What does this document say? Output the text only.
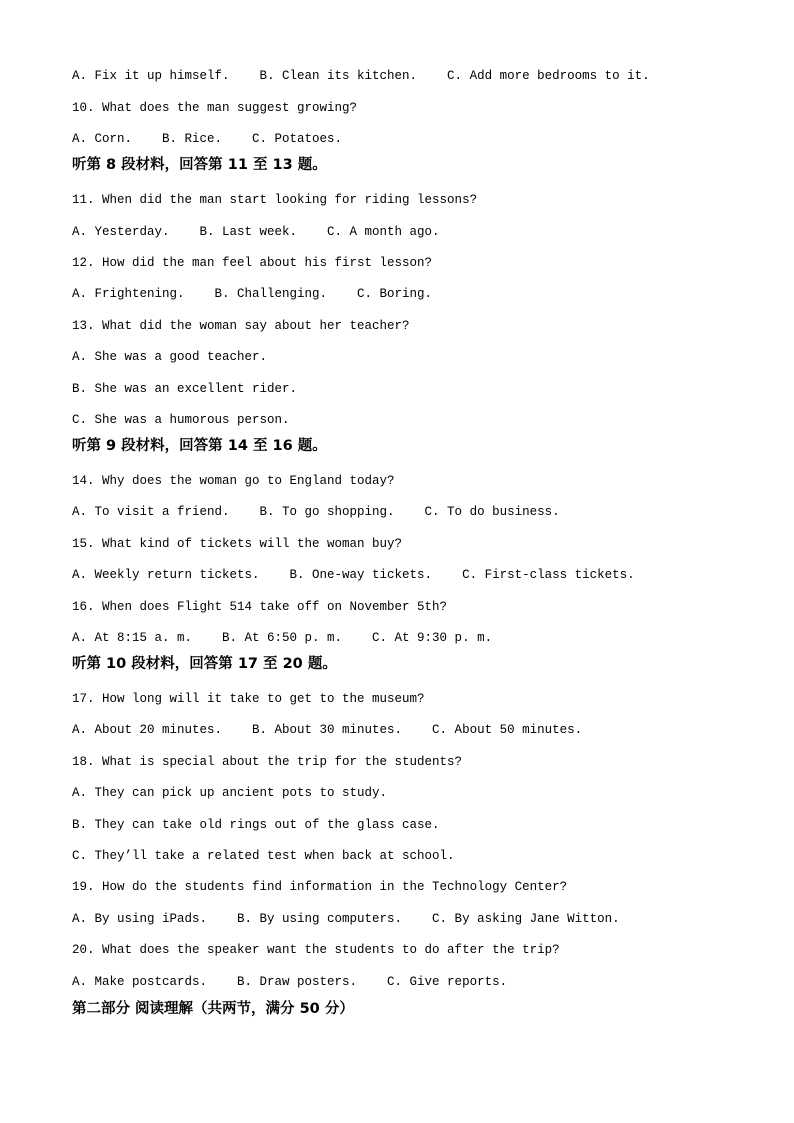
A. Fix it up himself.    B. Clean its kitchen.    C. Add more bedrooms to it.
10. What does the man suggest growing?
A. Corn.    B. Rice.    C. Potatoes.
听第 8 段材料，回答第 11 至 13 题。
11. When did the man start looking for riding lessons?
A. Yesterday.    B. Last week.    C. A month ago.
12. How did the man feel about his first lesson?
A. Frightening.    B. Challenging.    C. Boring.
13. What did the woman say about her teacher?
A. She was a good teacher.
B. She was an excellent rider.
C. She was a humorous person.
听第 9 段材料，回答第 14 至 16 题。
14. Why does the woman go to England today?
A. To visit a friend.    B. To go shopping.    C. To do business.
15. What kind of tickets will the woman buy?
A. Weekly return tickets.    B. One-way tickets.    C. First-class tickets.
16. When does Flight 514 take off on November 5th?
A. At 8:15 a. m.    B. At 6:50 p. m.    C. At 9:30 p. m.
听第 10 段材料，回答第 17 至 20 题。
17. How long will it take to get to the museum?
A. About 20 minutes.    B. About 30 minutes.    C. About 50 minutes.
18. What is special about the trip for the students?
A. They can pick up ancient pots to study.
B. They can take old rings out of the glass case.
C. They’ll take a related test when back at school.
19. How do the students find information in the Technology Center?
A. By using iPads.    B. By using computers.    C. By asking Jane Witton.
20. What does the speaker want the students to do after the trip?
A. Make postcards.    B. Draw posters.    C. Give reports.
第二部分 阅读理解（共两节，满分 50 分）
